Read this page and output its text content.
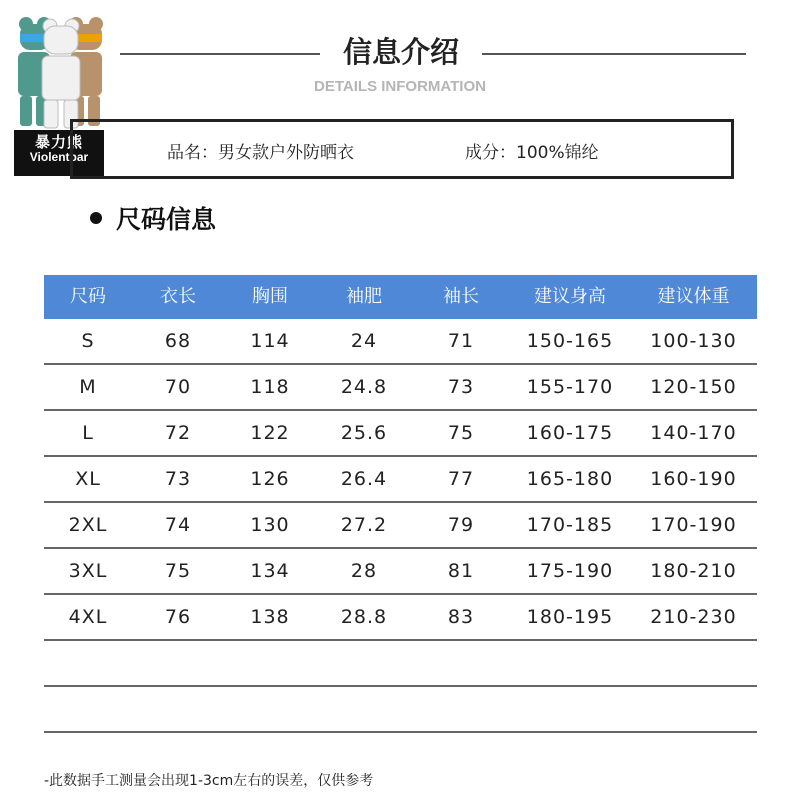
暴力熊
Violentbar
信息介绍
DETAILS INFORMATION
品名：男女款户外防晒衣	成分：100%锦纶
尺码信息
尺码	衣长	胸围	袖肥	袖长	建议身高	建议体重
S	68	114	24	71	150-165	100-130
M	70	118	24.8	73	155-170	120-150
L	72	122	25.6	75	160-175	140-170
XL	73	126	26.4	77	165-180	160-190
2XL	74	130	27.2	79	170-185	170-190
3XL	75	134	28	81	175-190	180-210
4XL	76	138	28.8	83	180-195	210-230
-此数据手工测量会出现1-3cm左右的误差，仅供参考
